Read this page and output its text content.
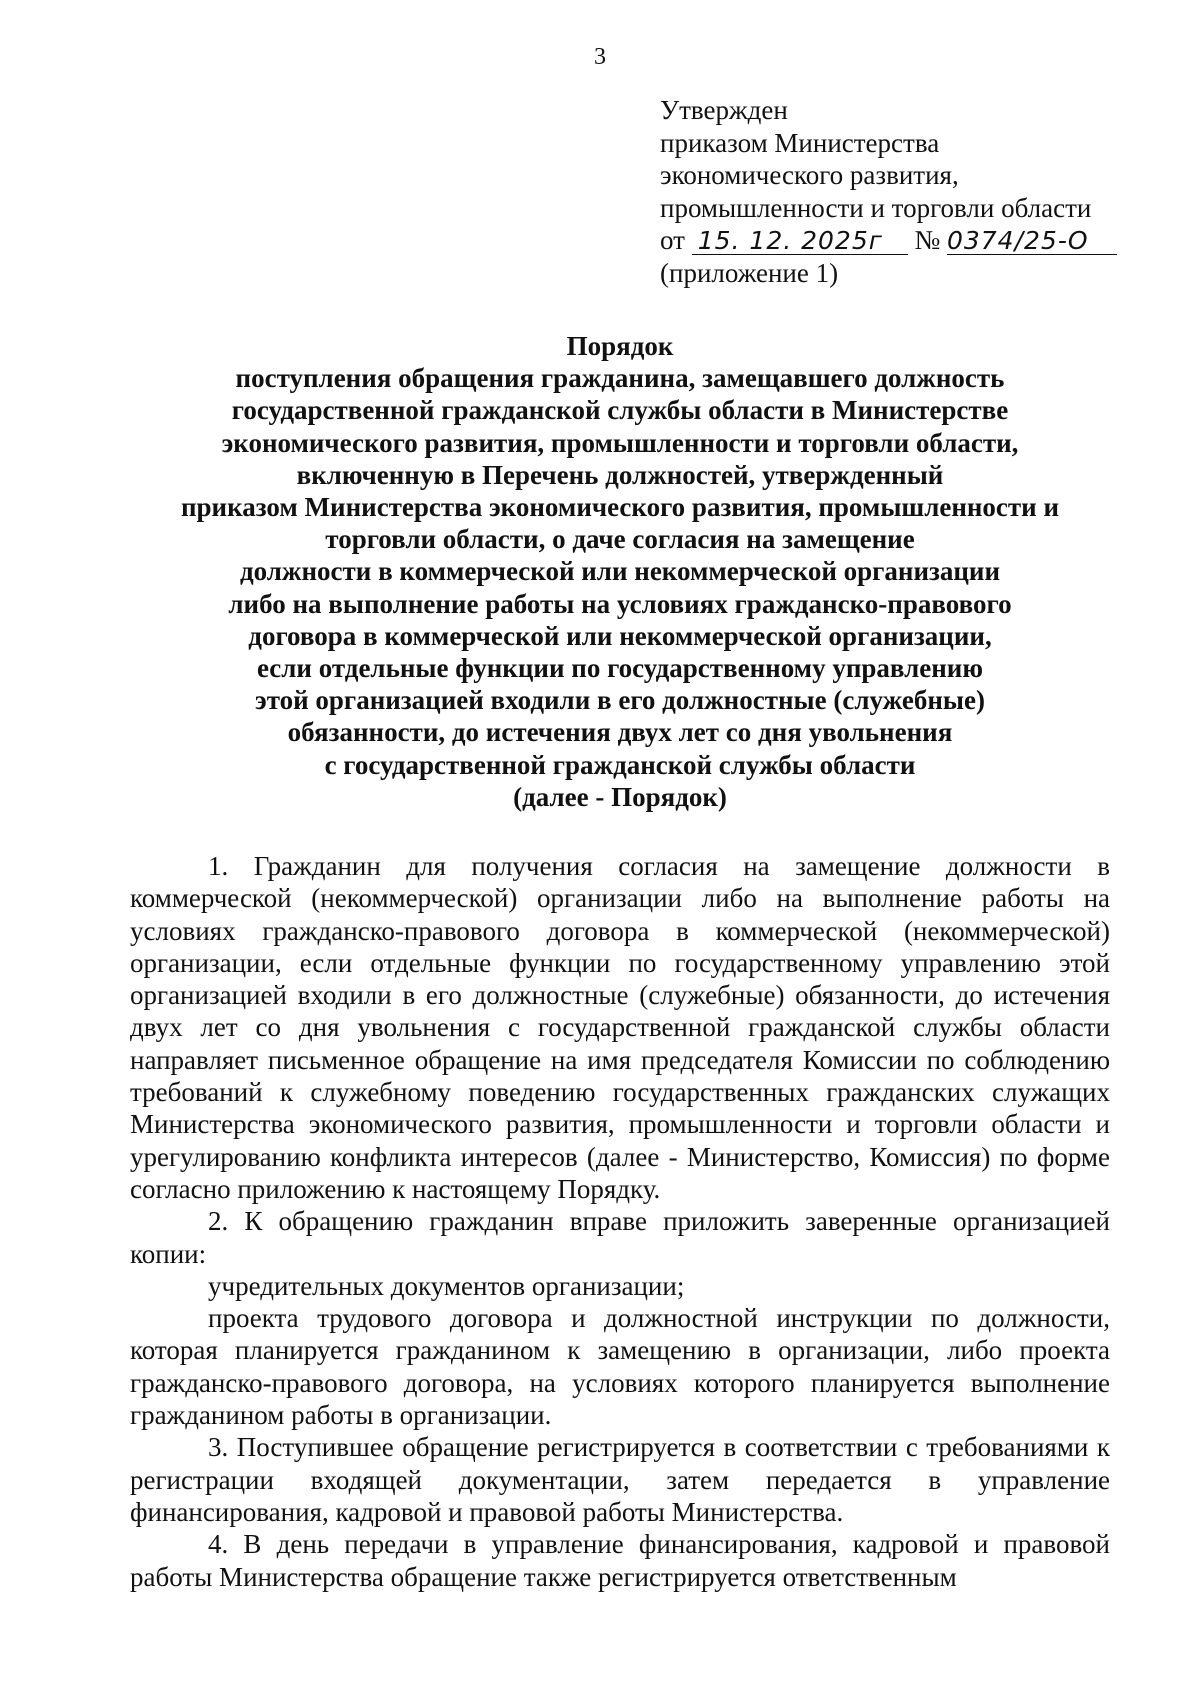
3
Утвержден
приказом Министерства
экономического развития,
промышленности и торговли области
от 15. 12. 2025г № 0374/25-О
(приложение 1)
Порядок
поступления обращения гражданина, замещавшего должность
государственной гражданской службы области в Министерстве
экономического развития, промышленности и торговли области,
включенную в Перечень должностей, утвержденный
приказом Министерства экономического развития, промышленности и
торговли области, о даче согласия на замещение
должности в коммерческой или некоммерческой организации
либо на выполнение работы на условиях гражданско-правового
договора в коммерческой или некоммерческой организации,
если отдельные функции по государственному управлению
этой организацией входили в его должностные (служебные)
обязанности, до истечения двух лет со дня увольнения
с государственной гражданской службы области
(далее - Порядок)

1. Гражданин для получения согласия на замещение должности в коммерческой (некоммерческой) организации либо на выполнение работы на условиях гражданско-правового договора в коммерческой (некоммерческой) организации, если отдельные функции по государственному управлению этой организацией входили в его должностные (служебные) обязанности, до истечения двух лет со дня увольнения с государственной гражданской службы области направляет письменное обращение на имя председателя Комиссии по соблюдению требований к служебному поведению государственных гражданских служащих Министерства экономического развития, промышленности и торговли области и урегулированию конфликта интересов (далее - Министерство, Комиссия) по форме согласно приложению к настоящему Порядку.

2. К обращению гражданин вправе приложить заверенные организацией копии:

учредительных документов организации;

проекта трудового договора и должностной инструкции по должности, которая планируется гражданином к замещению в организации, либо проекта гражданско-правового договора, на условиях которого планируется выполнение гражданином работы в организации.

3. Поступившее обращение регистрируется в соответствии с требованиями к регистрации входящей документации, затем передается в управление финансирования, кадровой и правовой работы Министерства.

4. В день передачи в управление финансирования, кадровой и правовой работы Министерства обращение также регистрируется ответственным
